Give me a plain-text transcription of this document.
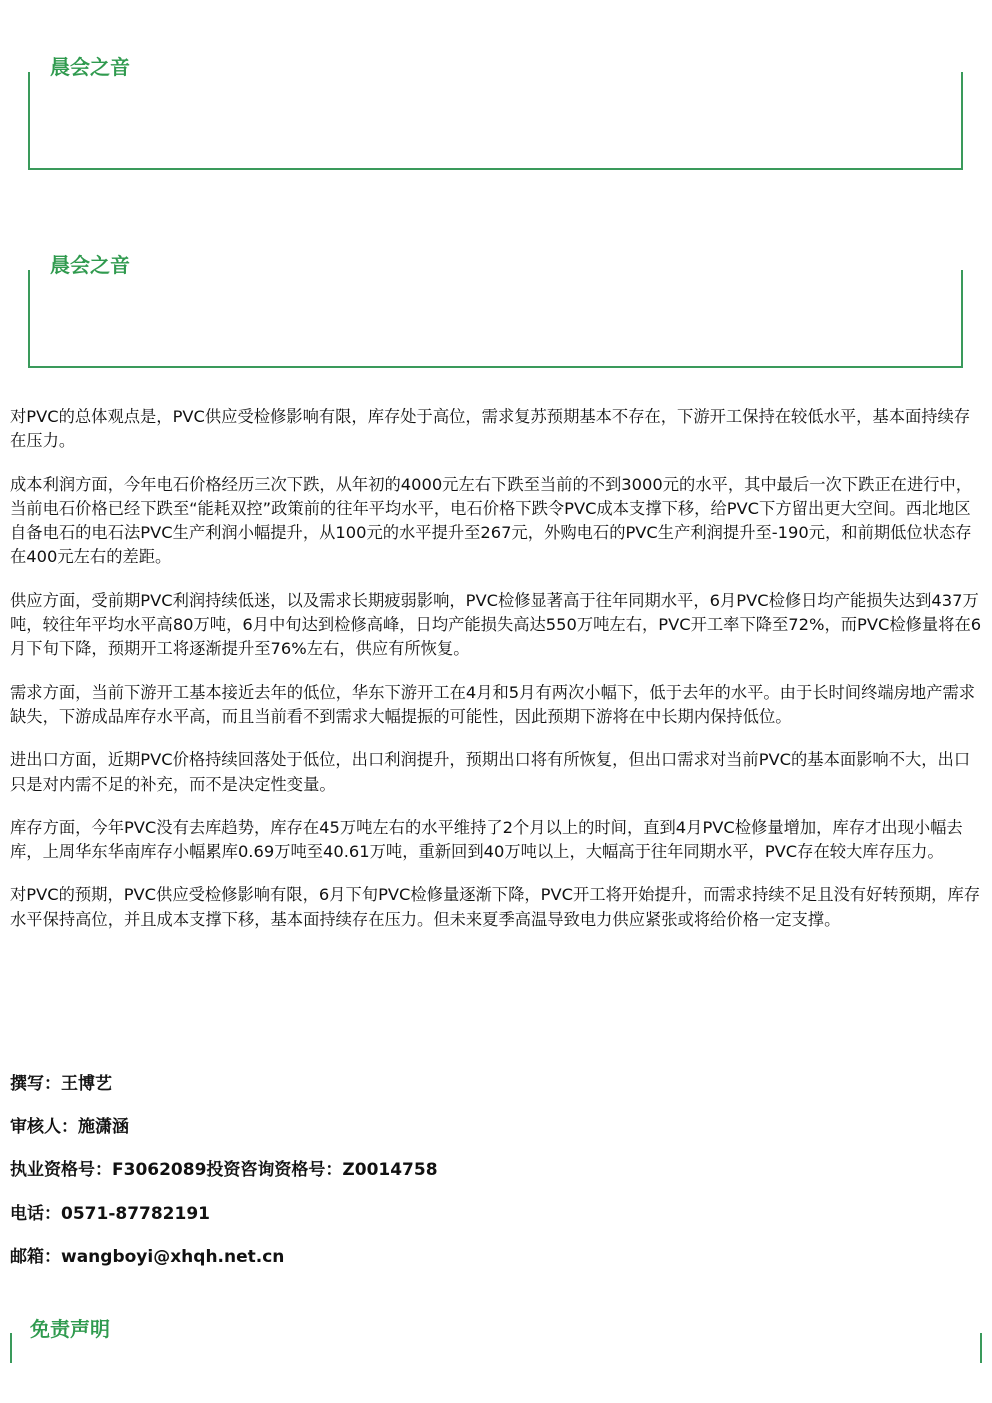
晨会之音
晨会之音

对PVC的总体观点是，PVC供应受检修影响有限，库存处于高位，需求复苏预期基本不存在，下游开工保持在较低水平，基本面持续存在压力。

成本利润方面，今年电石价格经历三次下跌，从年初的4000元左右下跌至当前的不到3000元的水平，其中最后一次下跌正在进行中，当前电石价格已经下跌至“能耗双控”政策前的往年平均水平，电石价格下跌令PVC成本支撑下移，给PVC下方留出更大空间。西北地区自备电石的电石法PVC生产利润小幅提升，从100元的水平提升至267元，外购电石的PVC生产利润提升至-190元，和前期低位状态存在400元左右的差距。

供应方面，受前期PVC利润持续低迷，以及需求长期疲弱影响，PVC检修显著高于往年同期水平，6月PVC检修日均产能损失达到437万吨，较往年平均水平高80万吨，6月中旬达到检修高峰，日均产能损失高达550万吨左右，PVC开工率下降至72%，而PVC检修量将在6月下旬下降，预期开工将逐渐提升至76%左右，供应有所恢复。

需求方面，当前下游开工基本接近去年的低位，华东下游开工在4月和5月有两次小幅下，低于去年的水平。由于长时间终端房地产需求缺失，下游成品库存水平高，而且当前看不到需求大幅提振的可能性，因此预期下游将在中长期内保持低位。

进出口方面，近期PVC价格持续回落处于低位，出口利润提升，预期出口将有所恢复，但出口需求对当前PVC的基本面影响不大，出口只是对内需不足的补充，而不是决定性变量。

库存方面，今年PVC没有去库趋势，库存在45万吨左右的水平维持了2个月以上的时间，直到4月PVC检修量增加，库存才出现小幅去库，上周华东华南库存小幅累库0.69万吨至40.61万吨，重新回到40万吨以上，大幅高于往年同期水平，PVC存在较大库存压力。

对PVC的预期，PVC供应受检修影响有限，6月下旬PVC检修量逐渐下降，PVC开工将开始提升，而需求持续不足且没有好转预期，库存水平保持高位，并且成本支撑下移，基本面持续存在压力。但未来夏季高温导致电力供应紧张或将给价格一定支撑。

撰写：王博艺
审核人：施潇涵
执业资格号：F3062089投资咨询资格号：Z0014758
电话：0571-87782191
邮箱：wangboyi@xhqh.net.cn
免责声明
